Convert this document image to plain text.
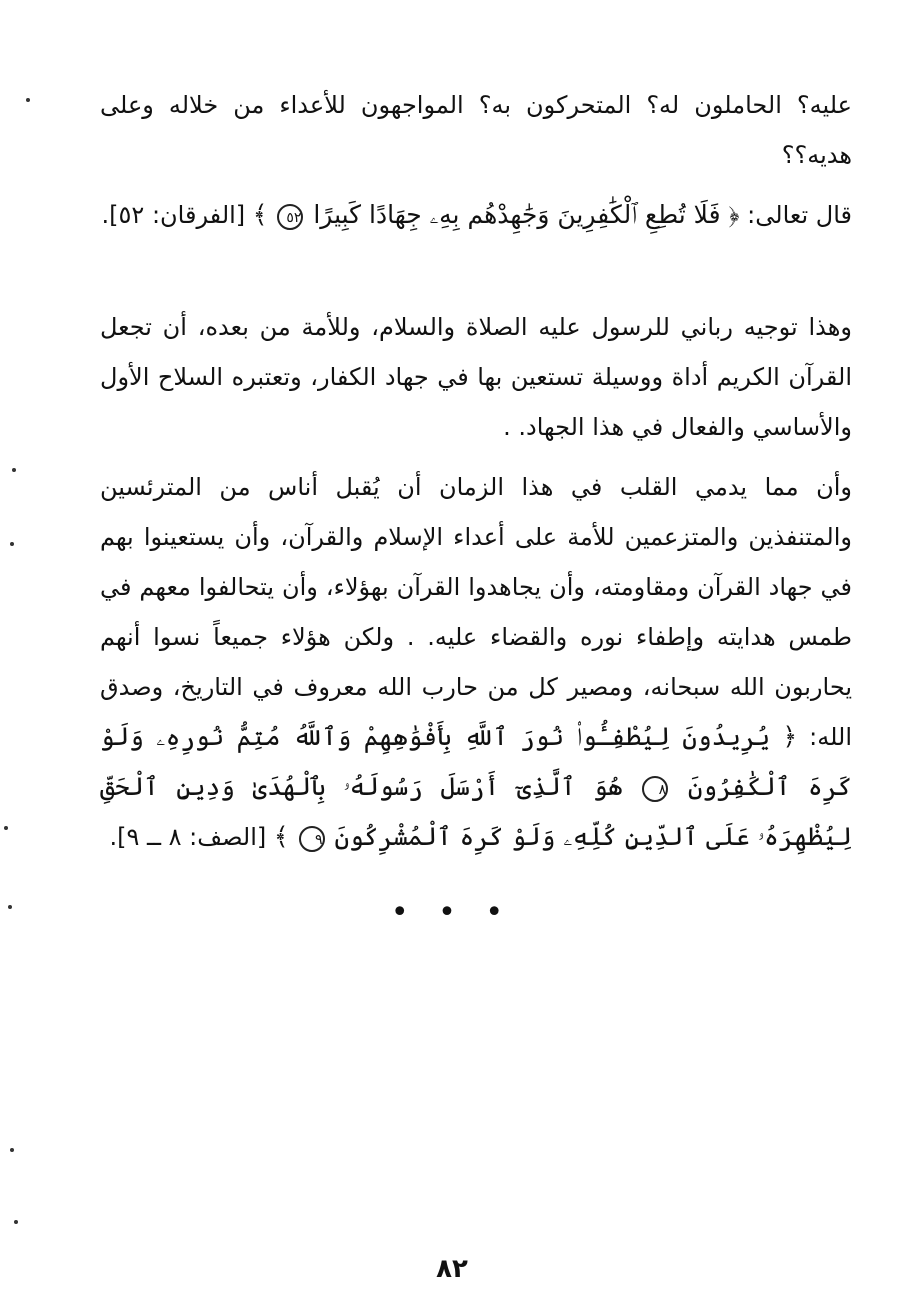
عليه؟ الحاملون له؟ المتحركون به؟ المواجهون للأعداء من خلاله وعلى هديه؟؟

قال تعالى: ﴿ فَلَا تُطِعِ ٱلْكَٰفِرِينَ وَجَٰهِدْهُم بِهِۦ جِهَادًا كَبِيرًا ٥٢ ﴾ [الفرقان: ٥٢].

وهذا توجيه رباني للرسول عليه الصلاة والسلام، وللأمة من بعده، أن تجعل القرآن الكريم أداة ووسيلة تستعين بها في جهاد الكفار، وتعتبره السلاح الأول والأساسي والفعال في هذا الجهاد. .

وأن مما يدمي القلب في هذا الزمان أن يُقبل أناس من المترئسين والمتنفذين والمتزعمين للأمة على أعداء الإسلام والقرآن، وأن يستعينوا بهم في جهاد القرآن ومقاومته، وأن يجاهدوا القرآن بهؤلاء، وأن يتحالفوا معهم في طمس هدايته وإطفاء نوره والقضاء عليه. . ولكن هؤلاء جميعاً نسوا أنهم يحاربون الله سبحانه، ومصير كل من حارب الله معروف في التاريخ، وصدق الله: ﴿ يُرِيدُونَ لِيُطْفِـُٔوا۟ نُورَ ٱللَّهِ بِأَفْوَٰهِهِمْ وَٱللَّهُ مُتِمُّ نُورِهِۦ وَلَوْ كَرِهَ ٱلْكَٰفِرُونَ ٨ هُوَ ٱلَّذِىٓ أَرْسَلَ رَسُولَهُۥ بِٱلْهُدَىٰ وَدِينِ ٱلْحَقِّ لِيُظْهِرَهُۥ عَلَى ٱلدِّينِ كُلِّهِۦ وَلَوْ كَرِهَ ٱلْمُشْرِكُونَ ٩ ﴾ [الصف: ٨ ــ ٩].

• • •
٨٢
